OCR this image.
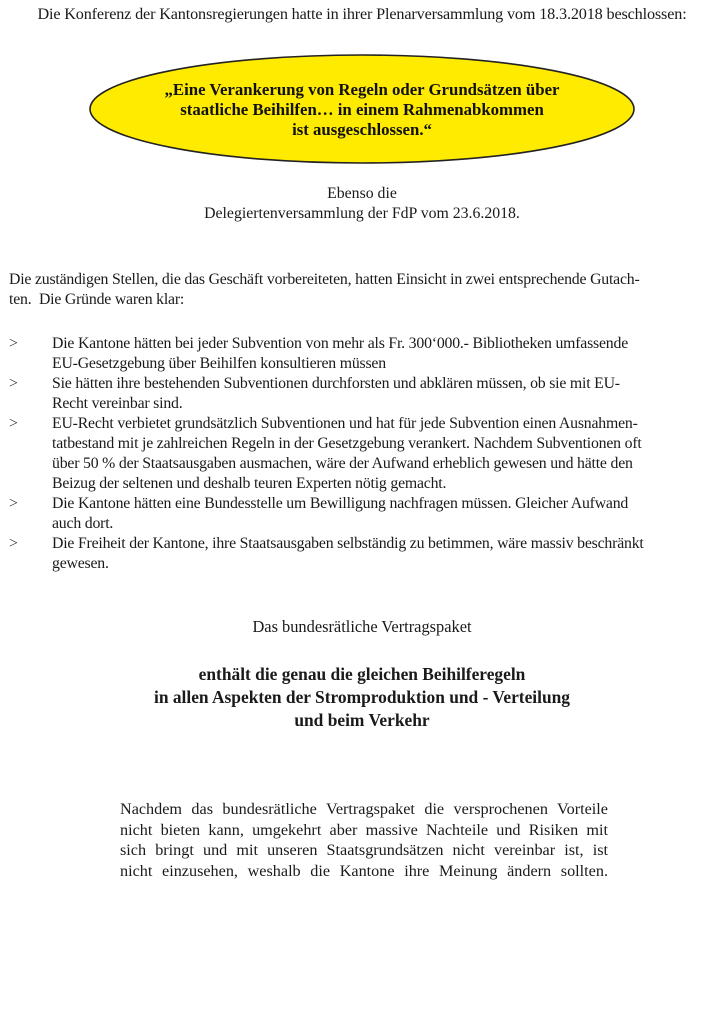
Die Konferenz der Kantonsregierungen hatte in ihrer Plenarversammlung vom 18.3.2018 beschlossen:
„Eine Verankerung von Regeln oder Grundsätzen über
staatliche Beihilfen… in einem Rahmenabkommen
ist ausgeschlossen.“
Ebenso die
Delegiertenversammlung der FdP vom 23.6.2018.
Die zuständigen Stellen, die das Geschäft vorbereiteten, hatten Einsicht in zwei entsprechende Gutach-
ten.  Die Gründe waren klar:
> Die Kantone hätten bei jeder Subvention von mehr als Fr. 300‘000.- Bibliotheken umfassende
EU-Gesetzgebung über Beihilfen konsultieren müssen
> Sie hätten ihre bestehenden Subventionen durchforsten und abklären müssen, ob sie mit EU-
Recht vereinbar sind.
> EU-Recht verbietet grundsätzlich Subventionen und hat für jede Subvention einen Ausnahmen-
tatbestand mit je zahlreichen Regeln in der Gesetzgebung verankert. Nachdem Subventionen oft
über 50 % der Staatsausgaben ausmachen, wäre der Aufwand erheblich gewesen und hätte den
Beizug der seltenen und deshalb teuren Experten nötig gemacht.
> Die Kantone hätten eine Bundesstelle um Bewilligung nachfragen müssen. Gleicher Aufwand
auch dort.
> Die Freiheit der Kantone, ihre Staatsausgaben selbständig zu betimmen, wäre massiv beschränkt
gewesen.
Das bundesrätliche Vertragspaket
enthält die genau die gleichen Beihilferegeln
in allen Aspekten der Stromproduktion und - Verteilung
und beim Verkehr
Nachdem das bundesrätliche Vertragspaket die versprochenen Vorteile
nicht bieten kann, umgekehrt aber massive Nachteile und Risiken mit
sich bringt und mit unseren Staatsgrundsätzen nicht vereinbar ist, ist
nicht einzusehen, weshalb die Kantone ihre Meinung ändern sollten.
